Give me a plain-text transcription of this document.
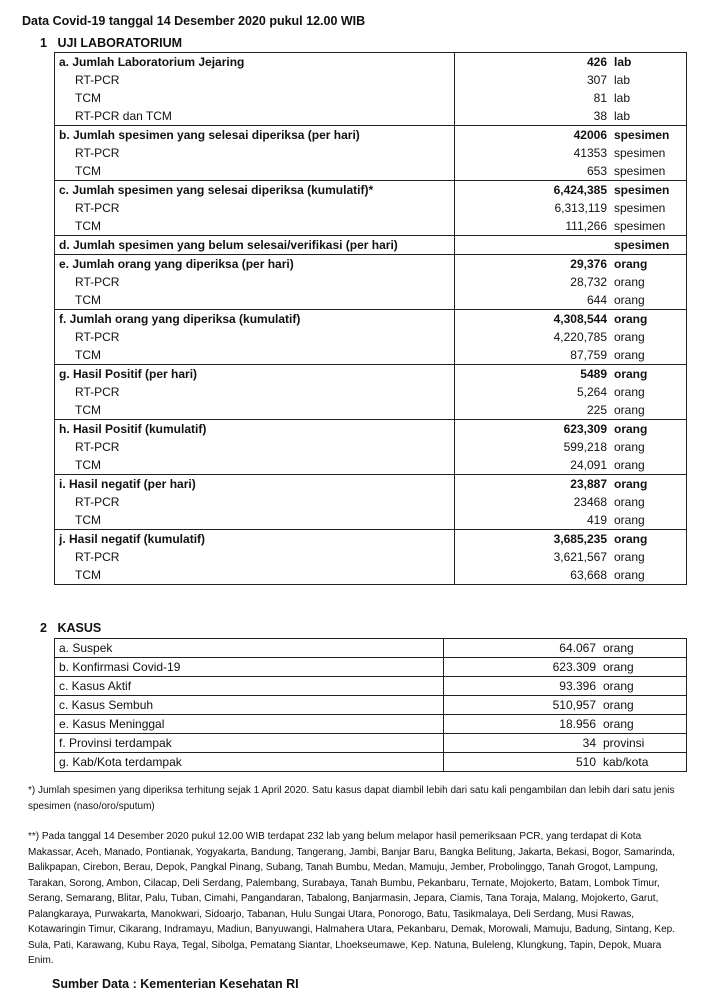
Data Covid-19 tanggal 14 Desember 2020 pukul 12.00 WIB
1 UJI LABORATORIUM
a. Jumlah Laboratorium Jejaring	426	lab
RT-PCR	307	lab
TCM	81	lab
RT-PCR dan TCM	38	lab
b. Jumlah spesimen yang selesai diperiksa (per hari)	42006	spesimen
RT-PCR	41353	spesimen
TCM	653	spesimen
c. Jumlah spesimen yang selesai diperiksa (kumulatif)*	6,424,385	spesimen
RT-PCR	6,313,119	spesimen
TCM	111,266	spesimen
d. Jumlah spesimen yang belum selesai/verifikasi (per hari)		spesimen
e. Jumlah orang yang diperiksa (per hari)	29,376	orang
RT-PCR	28,732	orang
TCM	644	orang
f. Jumlah orang yang diperiksa (kumulatif)	4,308,544	orang
RT-PCR	4,220,785	orang
TCM	87,759	orang
g. Hasil Positif (per hari)	5489	orang
RT-PCR	5,264	orang
TCM	225	orang
h. Hasil Positif (kumulatif)	623,309	orang
RT-PCR	599,218	orang
TCM	24,091	orang
i. Hasil negatif (per hari)	23,887	orang
RT-PCR	23468	orang
TCM	419	orang
j. Hasil negatif (kumulatif)	3,685,235	orang
RT-PCR	3,621,567	orang
TCM	63,668	orang

2 KASUS
a. Suspek	64.067	orang
b. Konfirmasi Covid-19	623.309	orang
c. Kasus Aktif	93.396	orang
c. Kasus Sembuh	510,957	orang
e. Kasus Meninggal	18.956	orang
f. Provinsi terdampak	34	provinsi
g. Kab/Kota terdampak	510	kab/kota
*) Jumlah spesimen yang diperiksa terhitung sejak 1 April 2020. Satu kasus dapat diambil lebih dari satu kali pengambilan dan lebih dari satu jenis spesimen (naso/oro/sputum)
**) Pada tanggal 14 Desember 2020 pukul 12.00 WIB terdapat 232 lab yang belum melapor hasil pemeriksaan PCR, yang terdapat di Kota Makassar, Aceh, Manado, Pontianak, Yogyakarta, Bandung, Tangerang, Jambi, Banjar Baru, Bangka Belitung, Jakarta, Bekasi, Bogor, Samarinda, Balikpapan, Cirebon, Berau, Depok, Pangkal Pinang, Subang, Tanah Bumbu, Medan, Mamuju, Jember, Probolinggo, Tanah Grogot, Lampung, Tarakan, Sorong, Ambon, Cilacap, Deli Serdang, Palembang, Surabaya, Tanah Bumbu, Pekanbaru, Ternate, Mojokerto, Batam, Lombok Timur, Serang, Semarang, Blitar, Palu, Tuban, Cimahi, Pangandaran, Tabalong, Banjarmasin, Jepara, Ciamis, Tana Toraja, Malang, Mojokerto, Garut, Palangkaraya, Purwakarta, Manokwari, Sidoarjo, Tabanan, Hulu Sungai Utara, Ponorogo, Batu, Tasikmalaya, Deli Serdang, Musi Rawas, Kotawaringin Timur, Cikarang, Indramayu, Madiun, Banyuwangi, Halmahera Utara, Pekanbaru, Demak, Morowali, Mamuju, Badung, Sintang, Kep. Sula, Pati, Karawang, Kubu Raya, Tegal, Sibolga, Pematang Siantar, Lhoekseumawe, Kep. Natuna, Buleleng, Klungkung, Tapin, Depok, Muara Enim.
Sumber Data : Kementerian Kesehatan RI
